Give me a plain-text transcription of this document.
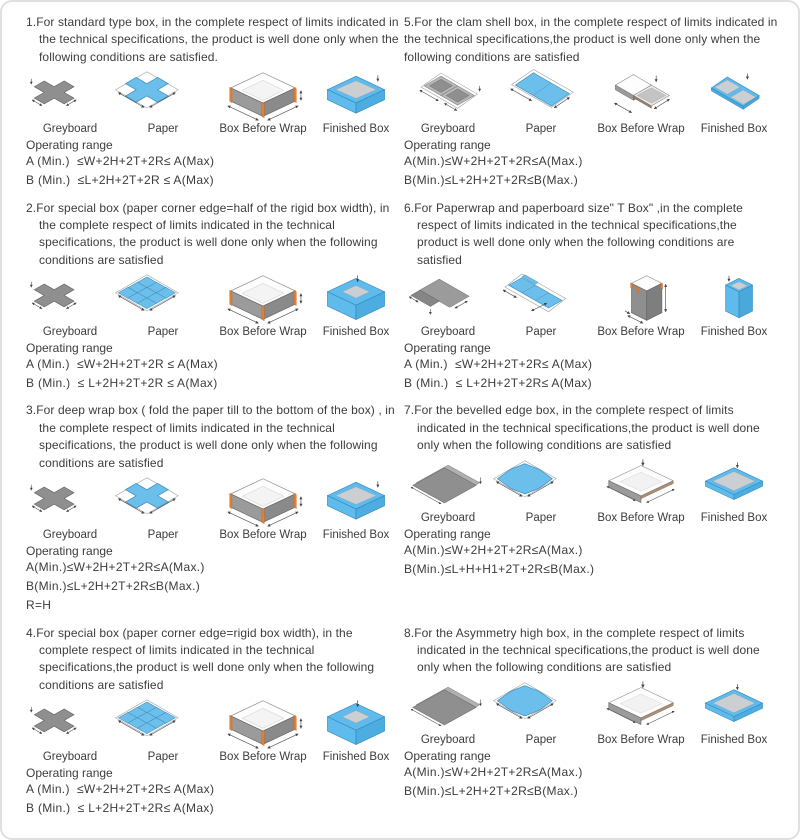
1.For standard type box, in the complete respect of limits indicated in the technical specifications, the product is well done only when the following conditions are satisfied.

Greyboard	Paper	Box Before Wrap	Finished Box

Operating range

A (Min.)  ≤W+2H+2T+2R≤ A(Max)

B (Min.)  ≤L+2H+2T+2R ≤ A(Max)

5.For the clam shell box, in the complete respect of limits indicated in the technical specifications,the product is well done only when the following conditions are satisfied

Greyboard	Paper	Box Before Wrap	Finished Box

Operating range

A(Min.)≤W+2H+2T+2R≤A(Max.)

B(Min.)≤L+2H+2T+2R≤B(Max.)

2.For special box (paper corner edge=half of the rigid box width), in the complete respect of limits indicated in the technical specifications, the product is well done only when the following conditions are satisfied

Greyboard	Paper	Box Before Wrap	Finished Box

Operating range

A (Min.)  ≤W+2H+2T+2R ≤ A(Max)

B (Min.)  ≤ L+2H+2T+2R ≤ A(Max)

6.For Paperwrap and paperboard size" T Box" ,in the complete respect of limits indicated in the technical specifications,the product is well done only when the following conditions are satisfied

Greyboard	Paper	Box Before Wrap	Finished Box

Operating range

A (Min.)  ≤W+2H+2T+2R≤ A(Max)

B (Min.)  ≤ L+2H+2T+2R≤ A(Max)

3.For deep wrap box ( fold the paper till to the bottom of the box) , in the complete respect of limits indicated in the technical specifications, the product is well done only when the following conditions are satisfied

Greyboard	Paper	Box Before Wrap	Finished Box

Operating range

A(Min.)≤W+2H+2T+2R≤A(Max.)

B(Min.)≤L+2H+2T+2R≤B(Max.)

R=H

7.For the bevelled edge box, in the complete respect of limits indicated in the technical specifications,the product is well done only when the following conditions are satisfied

Greyboard	Paper	Box Before Wrap	Finished Box

Operating range

A(Min.)≤W+2H+2T+2R≤A(Max.)

B(Min.)≤L+H+H1+2T+2R≤B(Max.)

4.For special box (paper corner edge=rigid box width), in the complete respect of limits indicated in the technical specifications,the product is well done only when the following conditions are satisfied

Greyboard	Paper	Box Before Wrap	Finished Box

Operating range

A (Min.)  ≤W+2H+2T+2R≤ A(Max)

B (Min.)  ≤ L+2H+2T+2R≤ A(Max)

8.For the Asymmetry high box, in the complete respect of limits indicated in the technical specifications,the product is well done only when the following conditions are satisfied

Greyboard	Paper	Box Before Wrap	Finished Box

Operating range

A(Min.)≤W+2H+2T+2R≤A(Max.)

B(Min.)≤L+2H+2T+2R≤B(Max.)
